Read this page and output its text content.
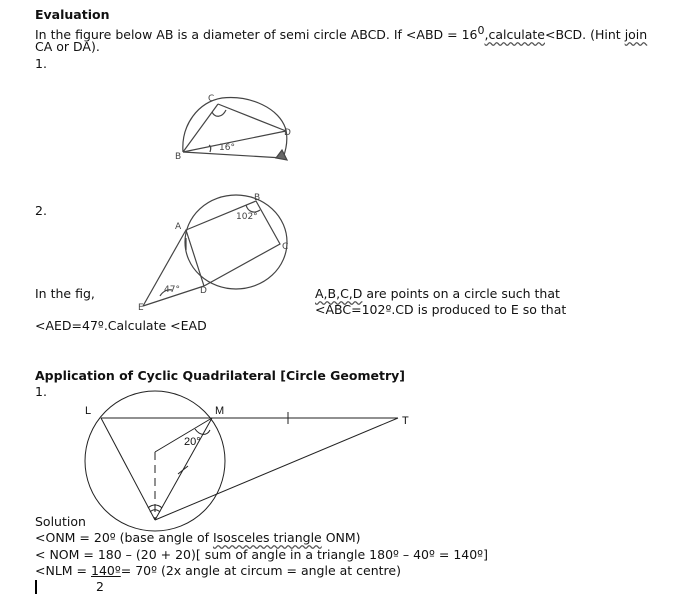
Evaluation
In the figure below AB is a diameter of semi circle ABCD. $If <ABD = 16^0,calculate<BCD$. (Hint join
CA or DA).
1.
2.
In the fig,	A,B,C,D are points on a circle such that
<ABC=102º.CD is produced to E so that
<AED=47º.Calculate <EAD
Application of Cyclic Quadrilateral [Circle Geometry]
1.
Solution
<ONM = 20º (base angle of Isosceles triangle ONM)
< NOM = 180 – (20 + 20)[ sum of angle in a triangle 180º – 40º = 140º]
<NLM = 140º= 70º (2x angle at circum = angle at centre)
2
C
B
D
16°
A
B
C
D
E
102°
47°
L	M
T
20°
